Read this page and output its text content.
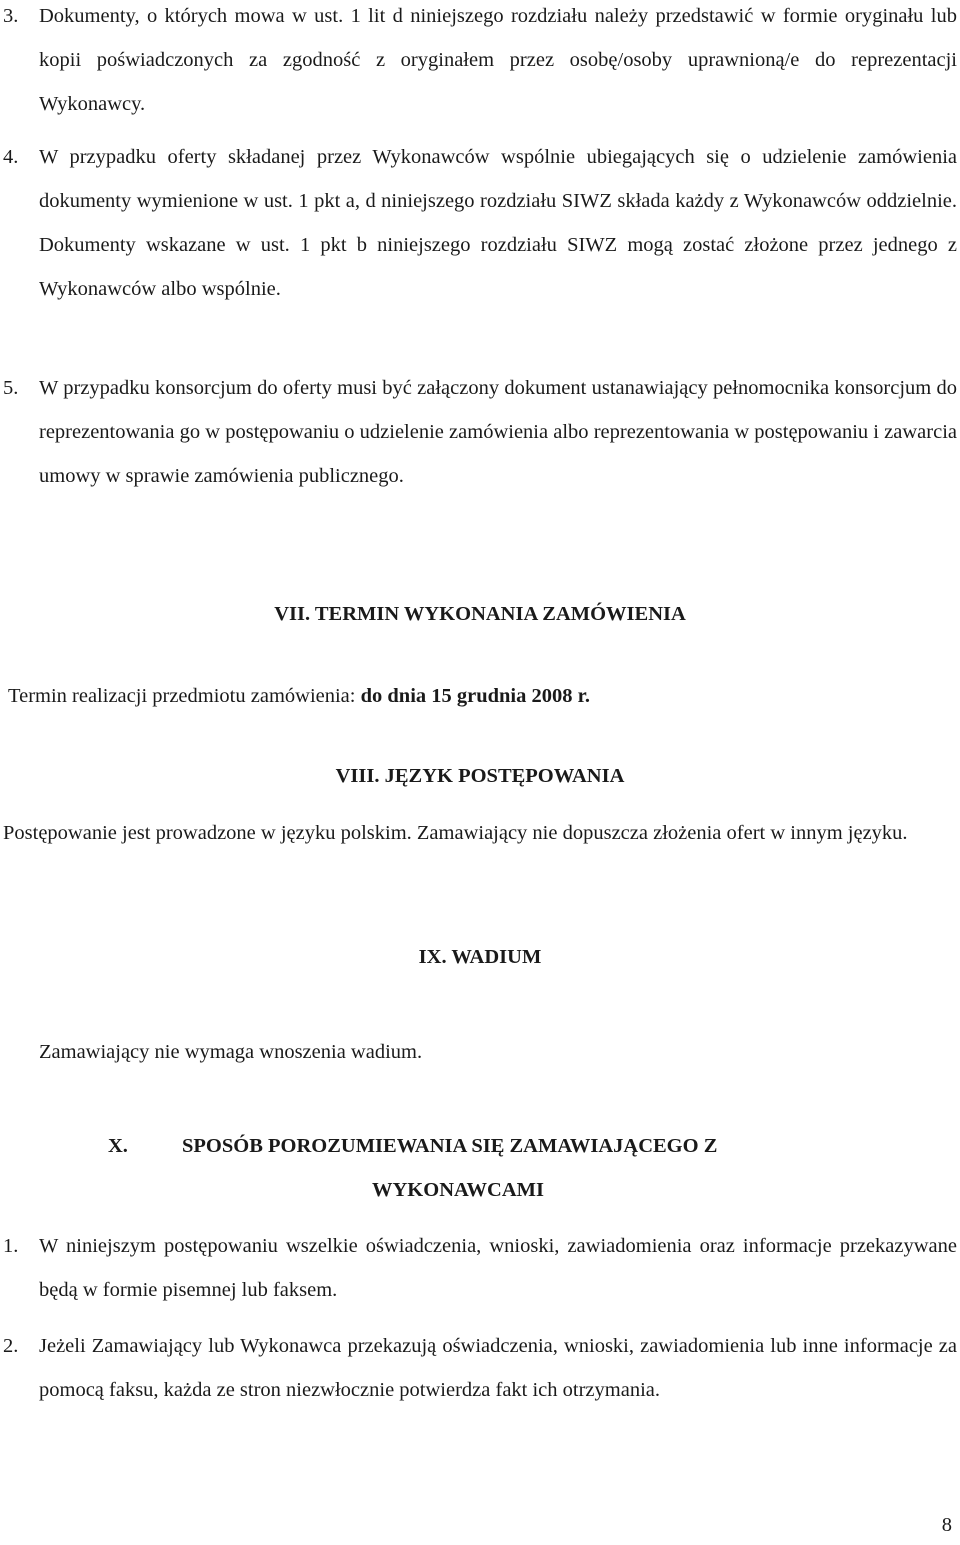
3. Dokumenty, o których mowa w ust. 1 lit d niniejszego rozdziału należy przedstawić w formie oryginału lub kopii poświadczonych za zgodność z oryginałem przez osobę/osoby uprawnioną/e do reprezentacji Wykonawcy.
4. W przypadku oferty składanej przez Wykonawców wspólnie ubiegających się o udzielenie zamówienia dokumenty wymienione w ust. 1 pkt a, d niniejszego rozdziału SIWZ składa każdy z Wykonawców oddzielnie. Dokumenty wskazane w ust. 1 pkt b niniejszego rozdziału SIWZ mogą zostać złożone przez jednego z Wykonawców albo wspólnie.
5. W przypadku konsorcjum do oferty musi być załączony dokument ustanawiający pełnomocnika konsorcjum do reprezentowania go w postępowaniu o udzielenie zamówienia albo reprezentowania w postępowaniu i zawarcia umowy w sprawie zamówienia publicznego.
VII. TERMIN WYKONANIA ZAMÓWIENIA
Termin realizacji przedmiotu zamówienia: do dnia 15 grudnia 2008 r.
VIII. JĘZYK POSTĘPOWANIA
Postępowanie jest prowadzone w języku polskim. Zamawiający nie dopuszcza złożenia ofert w innym języku.
IX. WADIUM
Zamawiający nie wymaga wnoszenia wadium.
X.	SPOSÓB POROZUMIEWANIA SIĘ ZAMAWIAJĄCEGO Z
WYKONAWCAMI
1. W niniejszym postępowaniu wszelkie oświadczenia, wnioski, zawiadomienia oraz informacje przekazywane będą w formie pisemnej lub faksem.
2. Jeżeli Zamawiający lub Wykonawca przekazują oświadczenia, wnioski, zawiadomienia lub inne informacje za pomocą faksu, każda ze stron niezwłocznie potwierdza fakt ich otrzymania.
8
